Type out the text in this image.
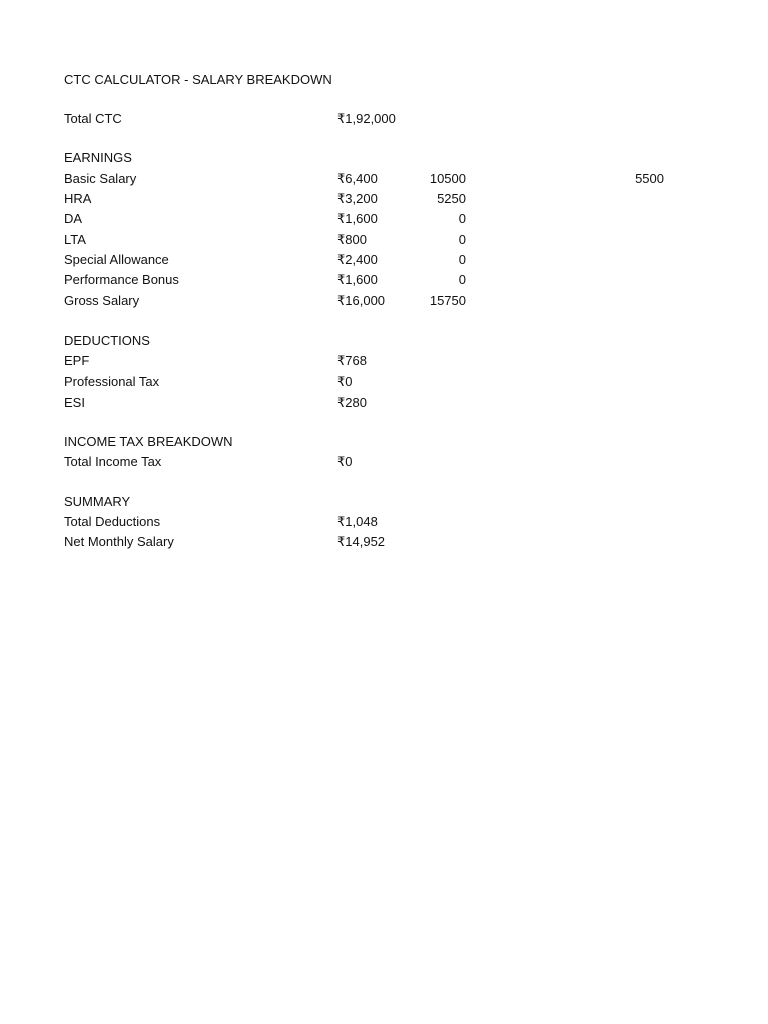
CTC CALCULATOR - SALARY BREAKDOWN
Total CTC	₹1,92,000
EARNINGS
Basic Salary	₹6,400	10500	5500
HRA	₹3,200	5250
DA	₹1,600	0
LTA	₹800	0
Special Allowance	₹2,400	0
Performance Bonus	₹1,600	0
Gross Salary	₹16,000	15750
DEDUCTIONS
EPF	₹768
Professional Tax	₹0
ESI	₹280
INCOME TAX BREAKDOWN
Total Income Tax	₹0
SUMMARY
Total Deductions	₹1,048
Net Monthly Salary	₹14,952
